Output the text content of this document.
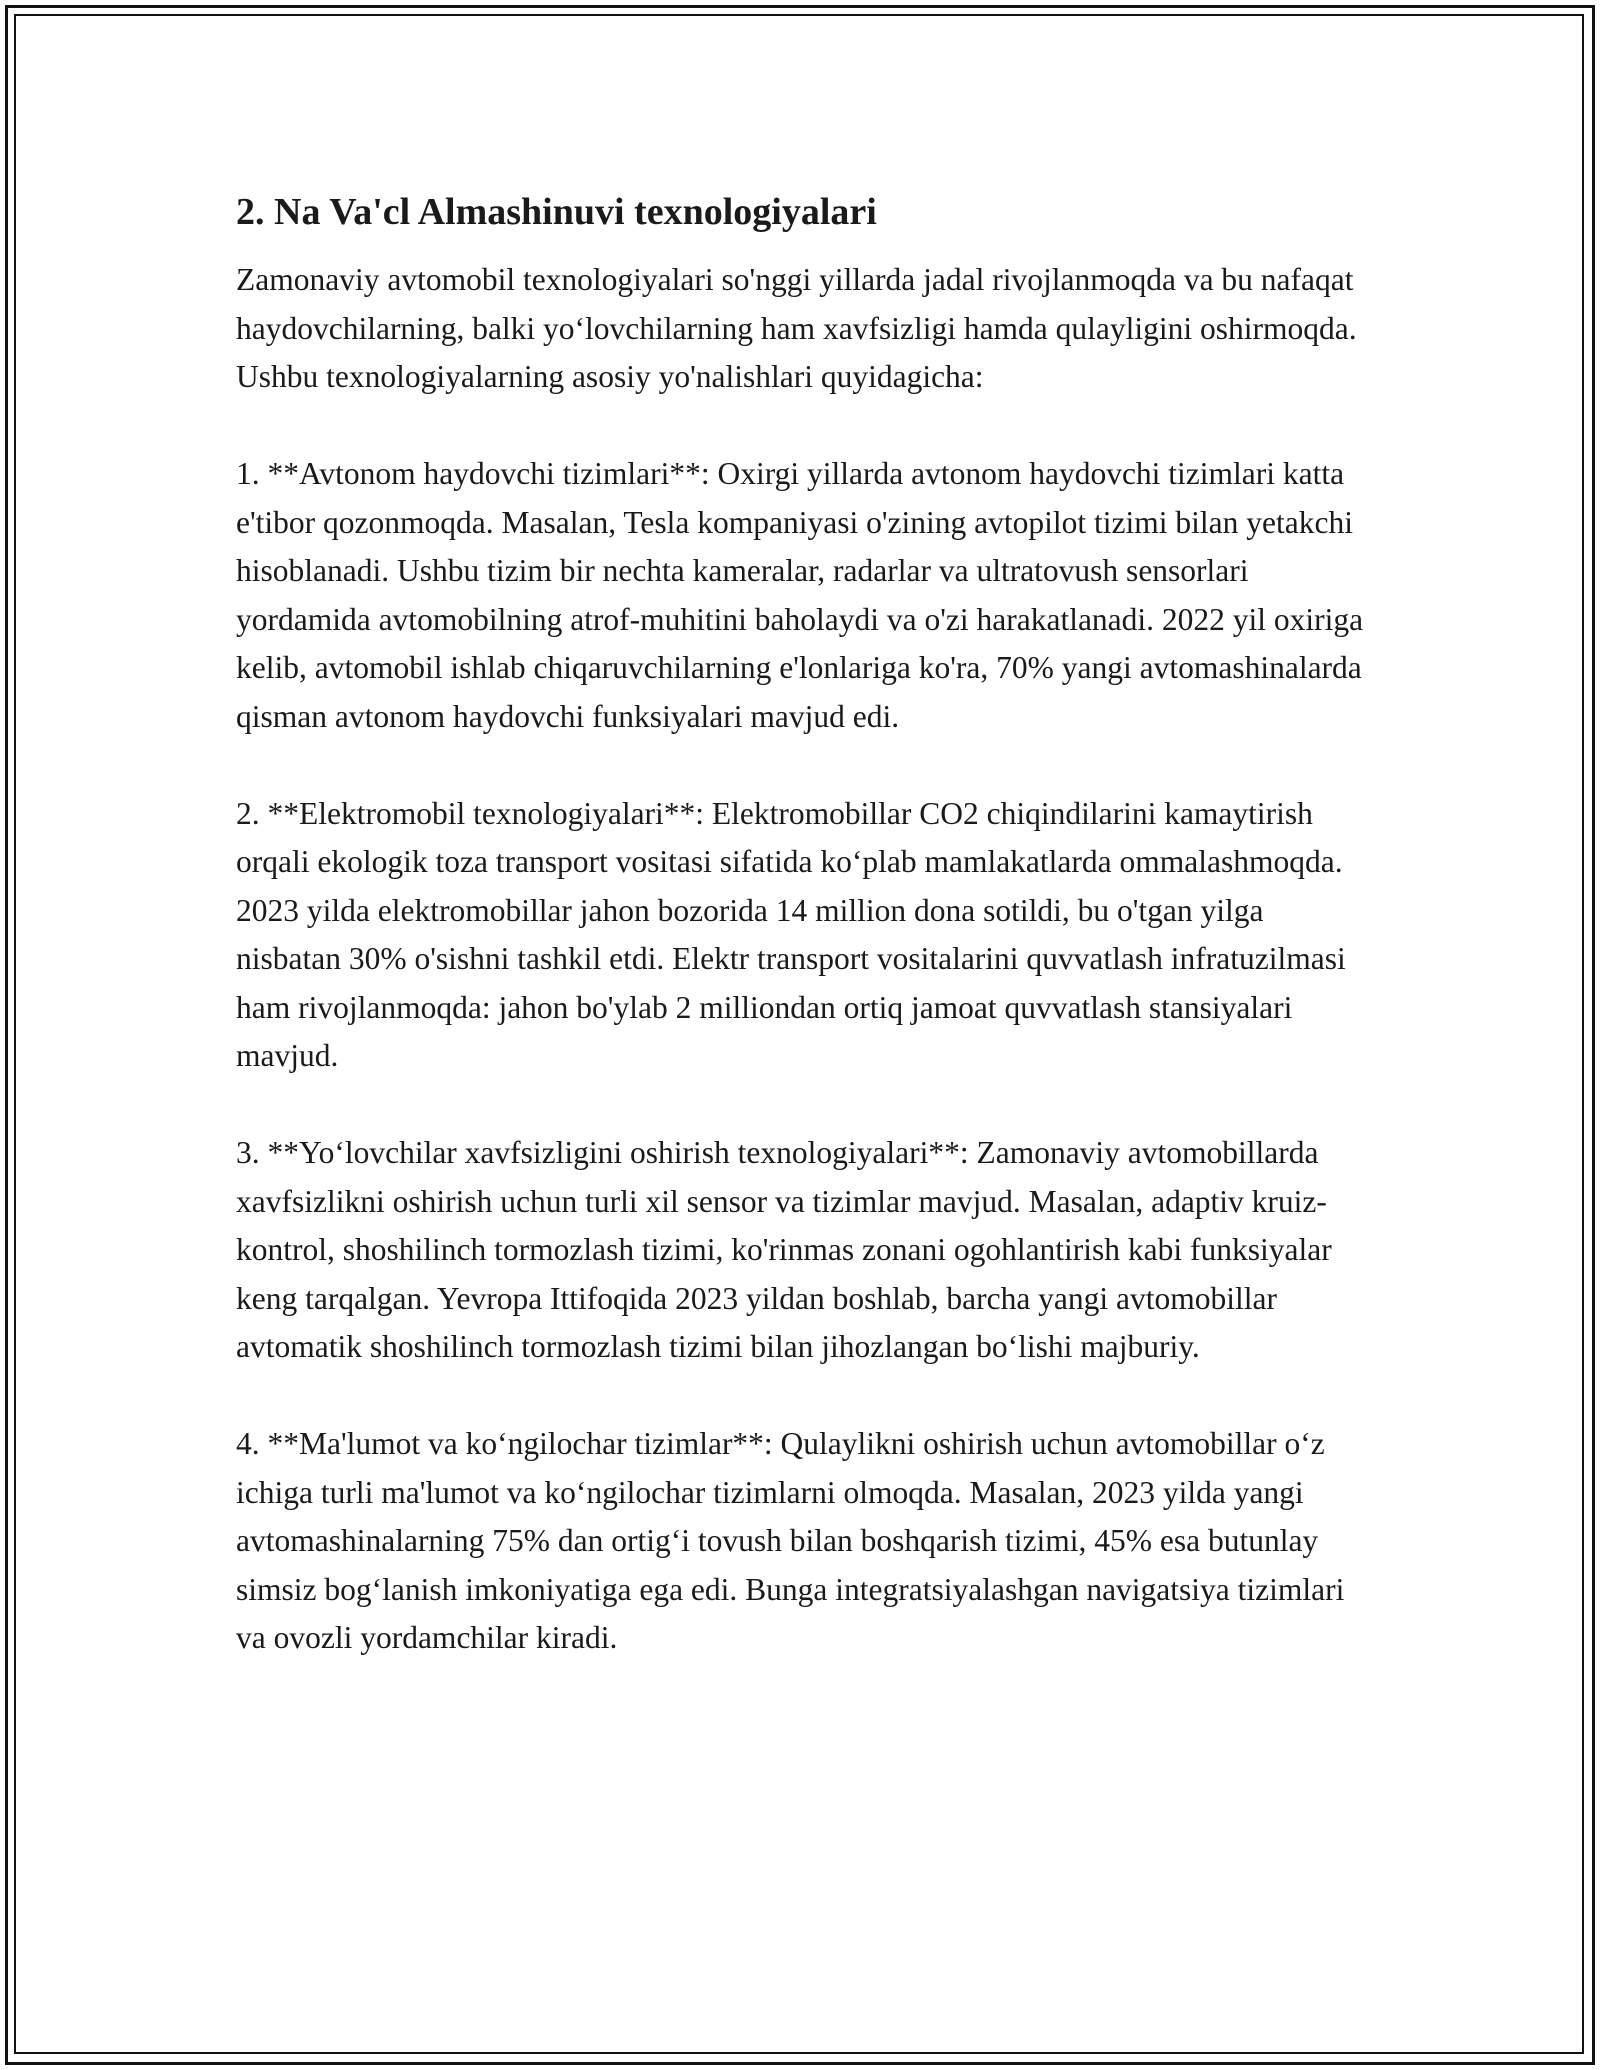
2. Na Va'cl Almashinuvi texnologiyalari

Zamonaviy avtomobil texnologiyalari so'nggi yillarda jadal rivojlanmoqda va bu nafaqat haydovchilarning, balki yo‘lovchilarning ham xavfsizligi hamda qulayligini oshirmoqda. Ushbu texnologiyalarning asosiy yo'nalishlari quyidagicha:

1. **Avtonom haydovchi tizimlari**: Oxirgi yillarda avtonom haydovchi tizimlari katta e'tibor qozonmoqda. Masalan, Tesla kompaniyasi o'zining avtopilot tizimi bilan yetakchi hisoblanadi. Ushbu tizim bir nechta kameralar, radarlar va ultratovush sensorlari yordamida avtomobilning atrof-muhitini baholaydi va o'zi harakatlanadi. 2022 yil oxiriga kelib, avtomobil ishlab chiqaruvchilarning e'lonlariga ko'ra, 70% yangi avtomashinalarda qisman avtonom haydovchi funksiyalari mavjud edi.

2. **Elektromobil texnologiyalari**: Elektromobillar CO2 chiqindilarini kamaytirish orqali ekologik toza transport vositasi sifatida ko‘plab mamlakatlarda ommalashmoqda. 2023 yilda elektromobillar jahon bozorida 14 million dona sotildi, bu o'tgan yilga nisbatan 30% o'sishni tashkil etdi. Elektr transport vositalarini quvvatlash infratuzilmasi ham rivojlanmoqda: jahon bo'ylab 2 milliondan ortiq jamoat quvvatlash stansiyalari mavjud.

3. **Yo‘lovchilar xavfsizligini oshirish texnologiyalari**: Zamonaviy avtomobillarda xavfsizlikni oshirish uchun turli xil sensor va tizimlar mavjud. Masalan, adaptiv kruiz-kontrol, shoshilinch tormozlash tizimi, ko'rinmas zonani ogohlantirish kabi funksiyalar keng tarqalgan. Yevropa Ittifoqida 2023 yildan boshlab, barcha yangi avtomobillar avtomatik shoshilinch tormozlash tizimi bilan jihozlangan bo‘lishi majburiy.

4. **Ma'lumot va ko‘ngilochar tizimlar**: Qulaylikni oshirish uchun avtomobillar o‘z ichiga turli ma'lumot va ko‘ngilochar tizimlarni olmoqda. Masalan, 2023 yilda yangi avtomashinalarning 75% dan ortig‘i tovush bilan boshqarish tizimi, 45% esa butunlay simsiz bog‘lanish imkoniyatiga ega edi. Bunga integratsiyalashgan navigatsiya tizimlari va ovozli yordamchilar kiradi.
